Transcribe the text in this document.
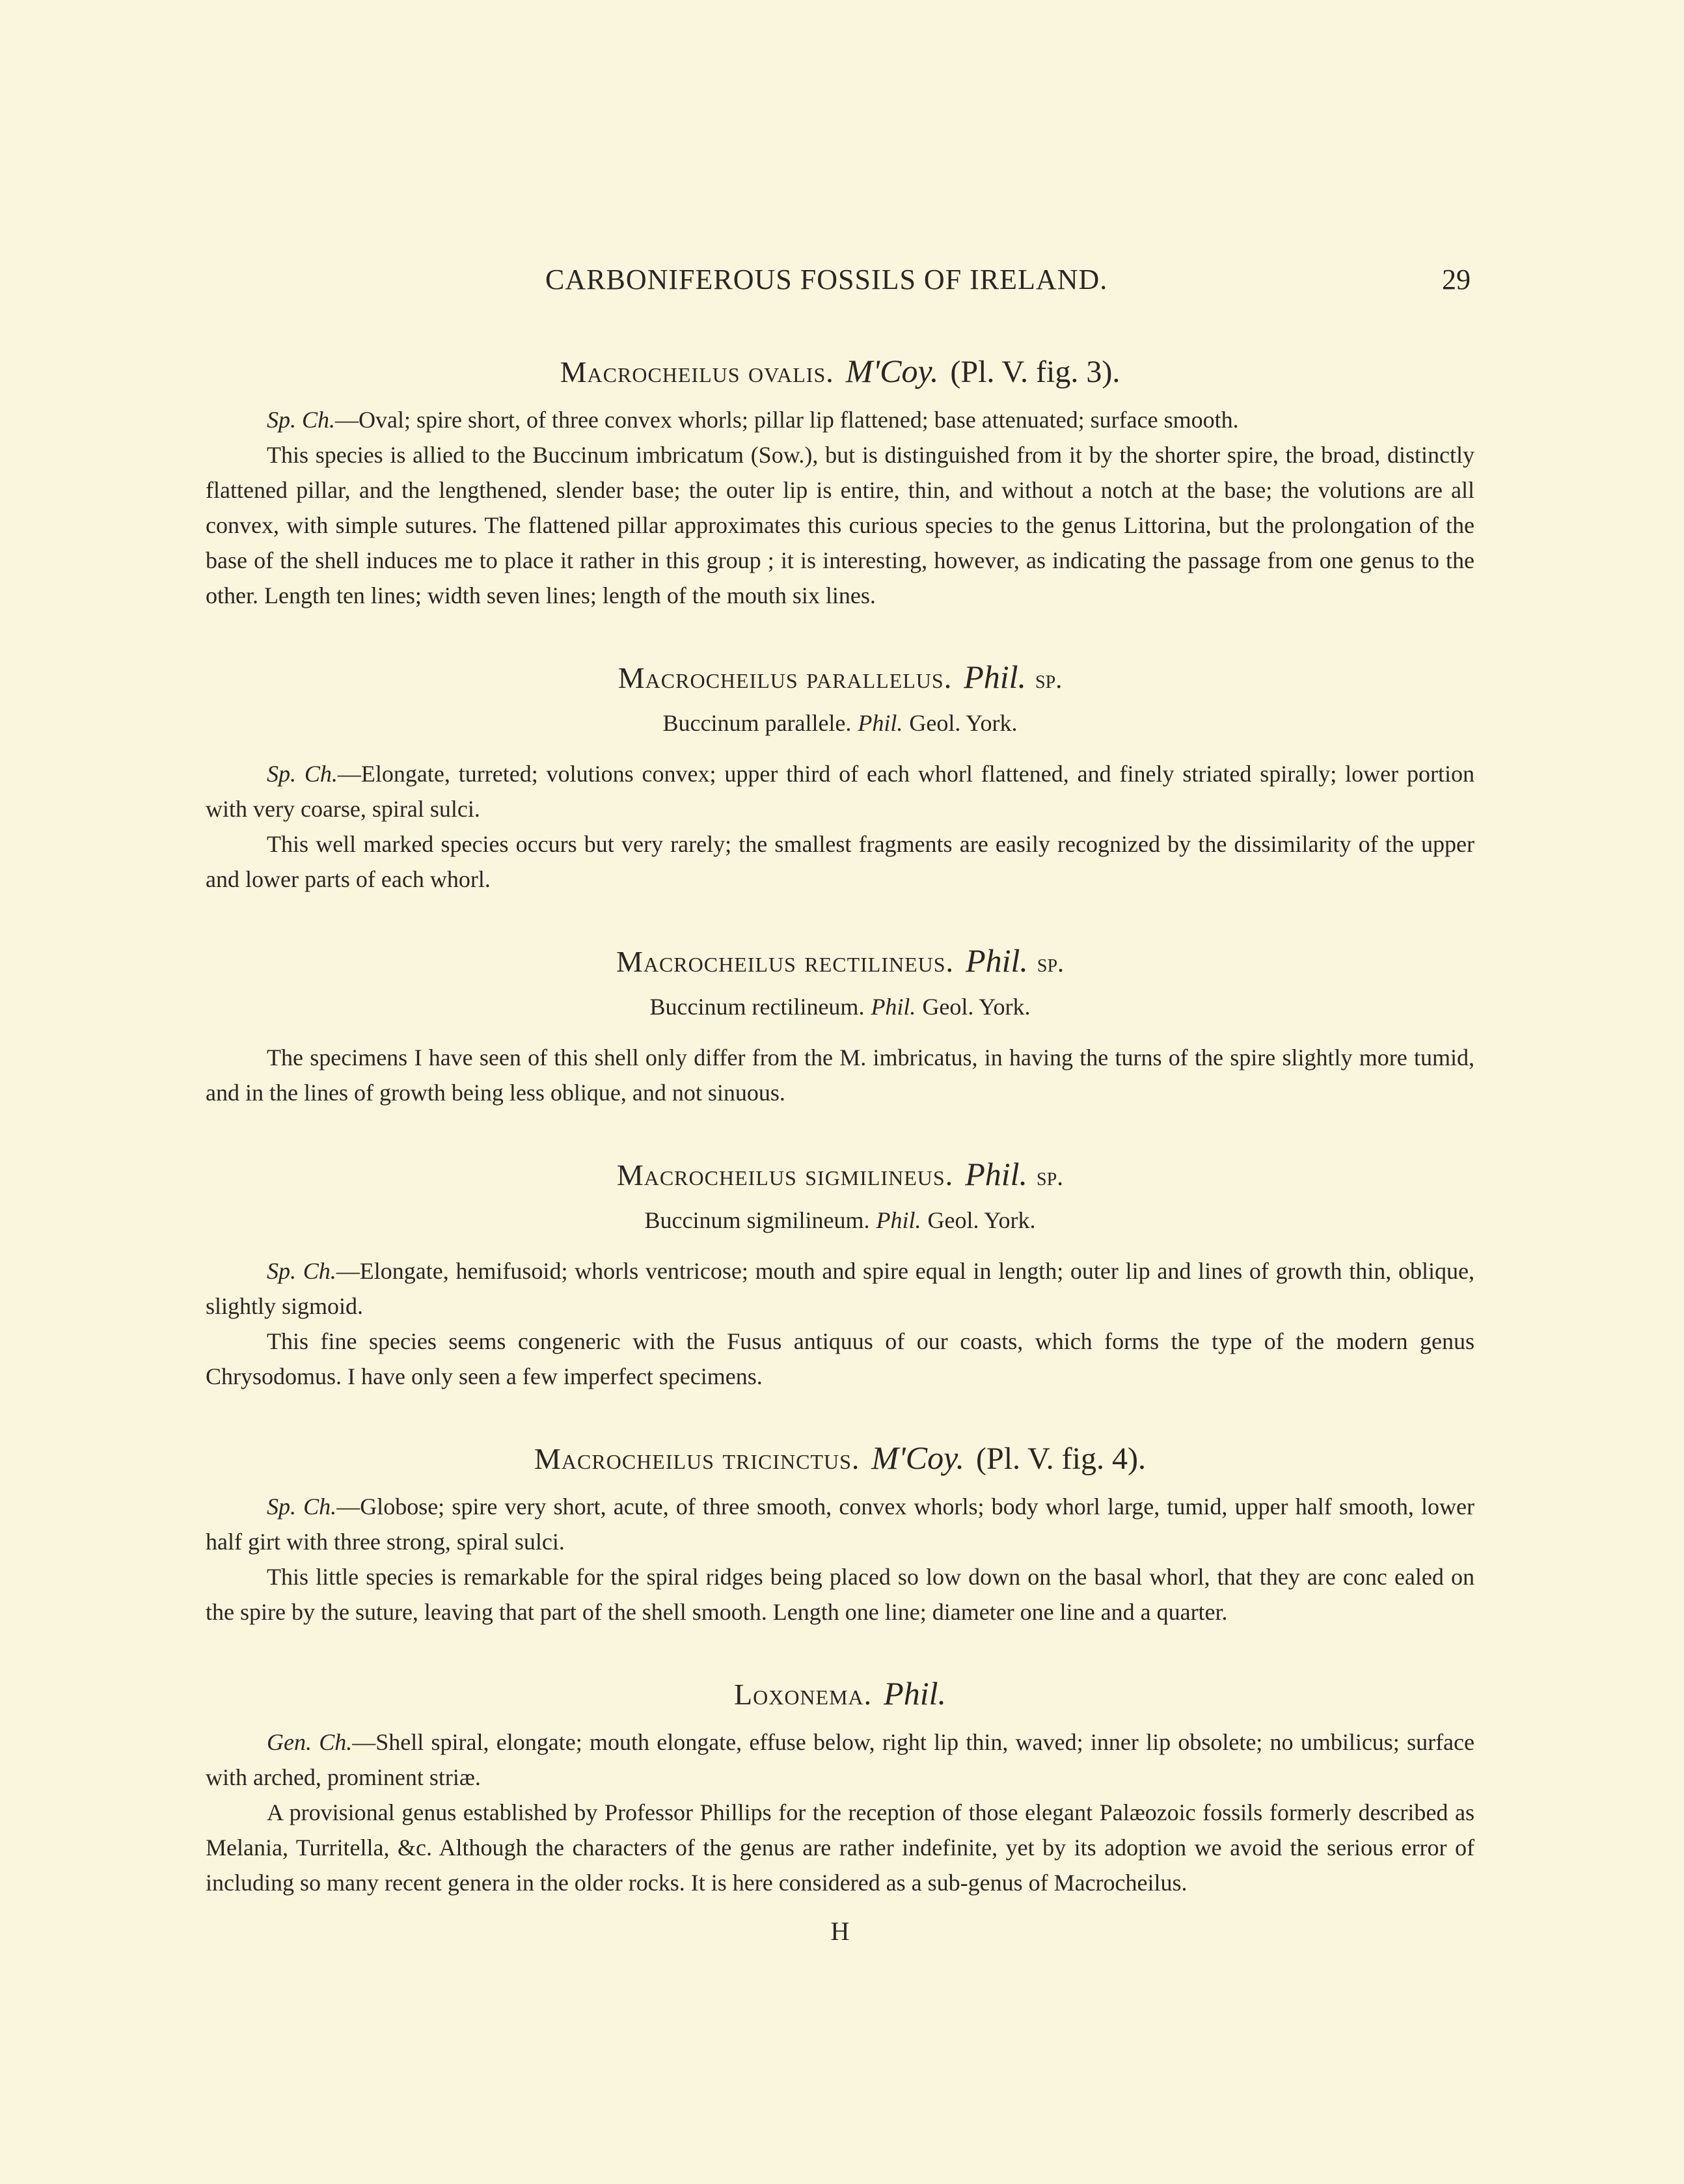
CARBONIFEROUS FOSSILS OF IRELAND.	29

Macrocheilus ovalis. M'Coy. (Pl. V. fig. 3).

Sp. Ch.—Oval; spire short, of three convex whorls; pillar lip flattened; base attenuated; surface smooth.

This species is allied to the Buccinum imbricatum (Sow.), but is distinguished from it by the shorter spire, the broad, distinctly flattened pillar, and the lengthened, slender base; the outer lip is entire, thin, and without a notch at the base; the volutions are all convex, with simple sutures. The flattened pillar approximates this curious species to the genus Littorina, but the prolongation of the base of the shell induces me to place it rather in this group ; it is interesting, however, as indicating the passage from one genus to the other. Length ten lines; width seven lines; length of the mouth six lines.

Macrocheilus parallelus. Phil. sp.

Buccinum parallele. Phil. Geol. York.

Sp. Ch.—Elongate, turreted; volutions convex; upper third of each whorl flattened, and finely striated spirally; lower portion with very coarse, spiral sulci.

This well marked species occurs but very rarely; the smallest fragments are easily recognized by the dissimilarity of the upper and lower parts of each whorl.

Macrocheilus rectilineus. Phil. sp.

Buccinum rectilineum. Phil. Geol. York.

The specimens I have seen of this shell only differ from the M. imbricatus, in having the turns of the spire slightly more tumid, and in the lines of growth being less oblique, and not sinuous.

Macrocheilus sigmilineus. Phil. sp.

Buccinum sigmilineum. Phil. Geol. York.

Sp. Ch.—Elongate, hemifusoid; whorls ventricose; mouth and spire equal in length; outer lip and lines of growth thin, oblique, slightly sigmoid.

This fine species seems congeneric with the Fusus antiquus of our coasts, which forms the type of the modern genus Chrysodomus. I have only seen a few imperfect specimens.

Macrocheilus tricinctus. M'Coy. (Pl. V. fig. 4).

Sp. Ch.—Globose; spire very short, acute, of three smooth, convex whorls; body whorl large, tumid, upper half smooth, lower half girt with three strong, spiral sulci.

This little species is remarkable for the spiral ridges being placed so low down on the basal whorl, that they are conc ealed on the spire by the suture, leaving that part of the shell smooth. Length one line; diameter one line and a quarter.

Loxonema. Phil.

Gen. Ch.—Shell spiral, elongate; mouth elongate, effuse below, right lip thin, waved; inner lip obsolete; no umbilicus; surface with arched, prominent striæ.

A provisional genus established by Professor Phillips for the reception of those elegant Palæozoic fossils formerly described as Melania, Turritella, &c. Although the characters of the genus are rather indefinite, yet by its adoption we avoid the serious error of including so many recent genera in the older rocks. It is here considered as a sub-genus of Macrocheilus.

H
